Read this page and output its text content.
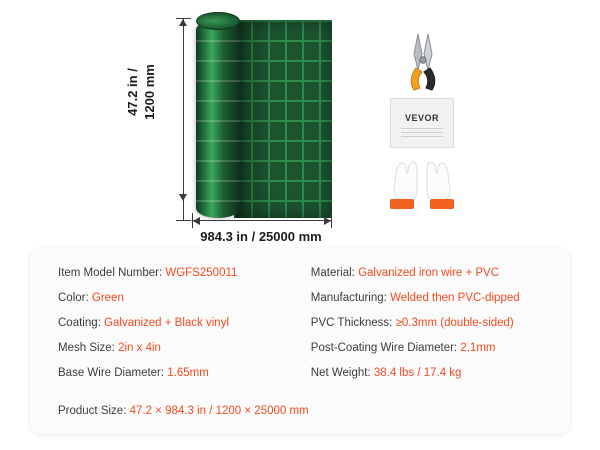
47.2 in / 1200 mm
984.3 in / 25000 mm
VEVOR
Item Model Number: WGFS250011
Color: Green
Coating: Galvanized + Black vinyl
Mesh Size: 2in x 4in
Base Wire Diameter: 1.65mm
Material: Galvanized iron wire + PVC
Manufacturing: Welded then PVC-dipped
PVC Thickness: ≥0.3mm (double-sided)
Post-Coating Wire Diameter: 2.1mm
Net Weight: 38.4 lbs / 17.4 kg
Product Size: 47.2 × 984.3 in / 1200 × 25000 mm
